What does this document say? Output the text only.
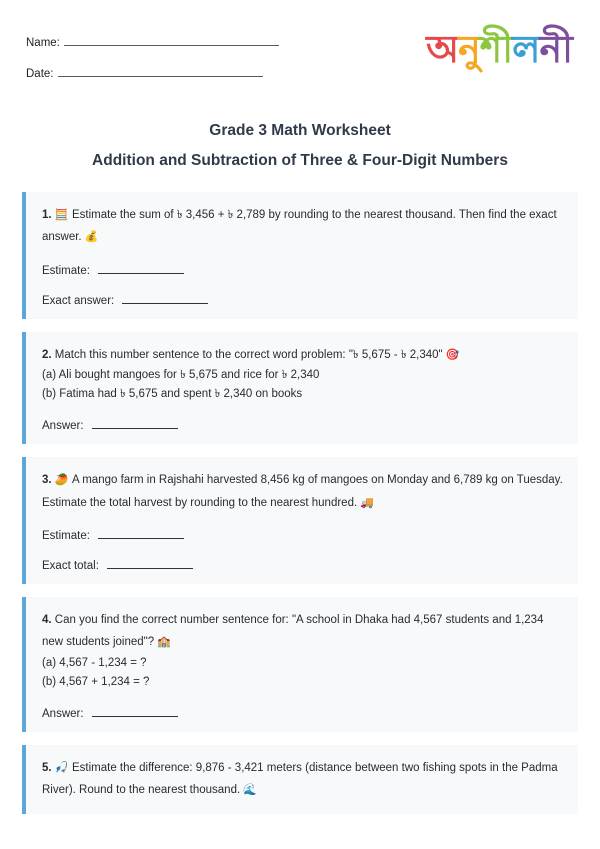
Name:
Date:
অনুশীলনী
Grade 3 Math Worksheet
Addition and Subtraction of Three & Four-Digit Numbers
1. 🧮 Estimate the sum of ৳ 3,456 + ৳ 2,789 by rounding to the nearest thousand. Then find the exact answer. 💰
Estimate:
Exact answer:
2. Match this number sentence to the correct word problem: "৳ 5,675 - ৳ 2,340" 🎯
(a) Ali bought mangoes for ৳ 5,675 and rice for ৳ 2,340
(b) Fatima had ৳ 5,675 and spent ৳ 2,340 on books
Answer:
3. 🥭 A mango farm in Rajshahi harvested 8,456 kg of mangoes on Monday and 6,789 kg on Tuesday. Estimate the total harvest by rounding to the nearest hundred. 🚚
Estimate:
Exact total:
4. Can you find the correct number sentence for: "A school in Dhaka had 4,567 students and 1,234 new students joined"? 🏫
(a) 4,567 - 1,234 = ?
(b) 4,567 + 1,234 = ?
Answer:
5. 🎣 Estimate the difference: 9,876 - 3,421 meters (distance between two fishing spots in the Padma River). Round to the nearest thousand. 🌊
